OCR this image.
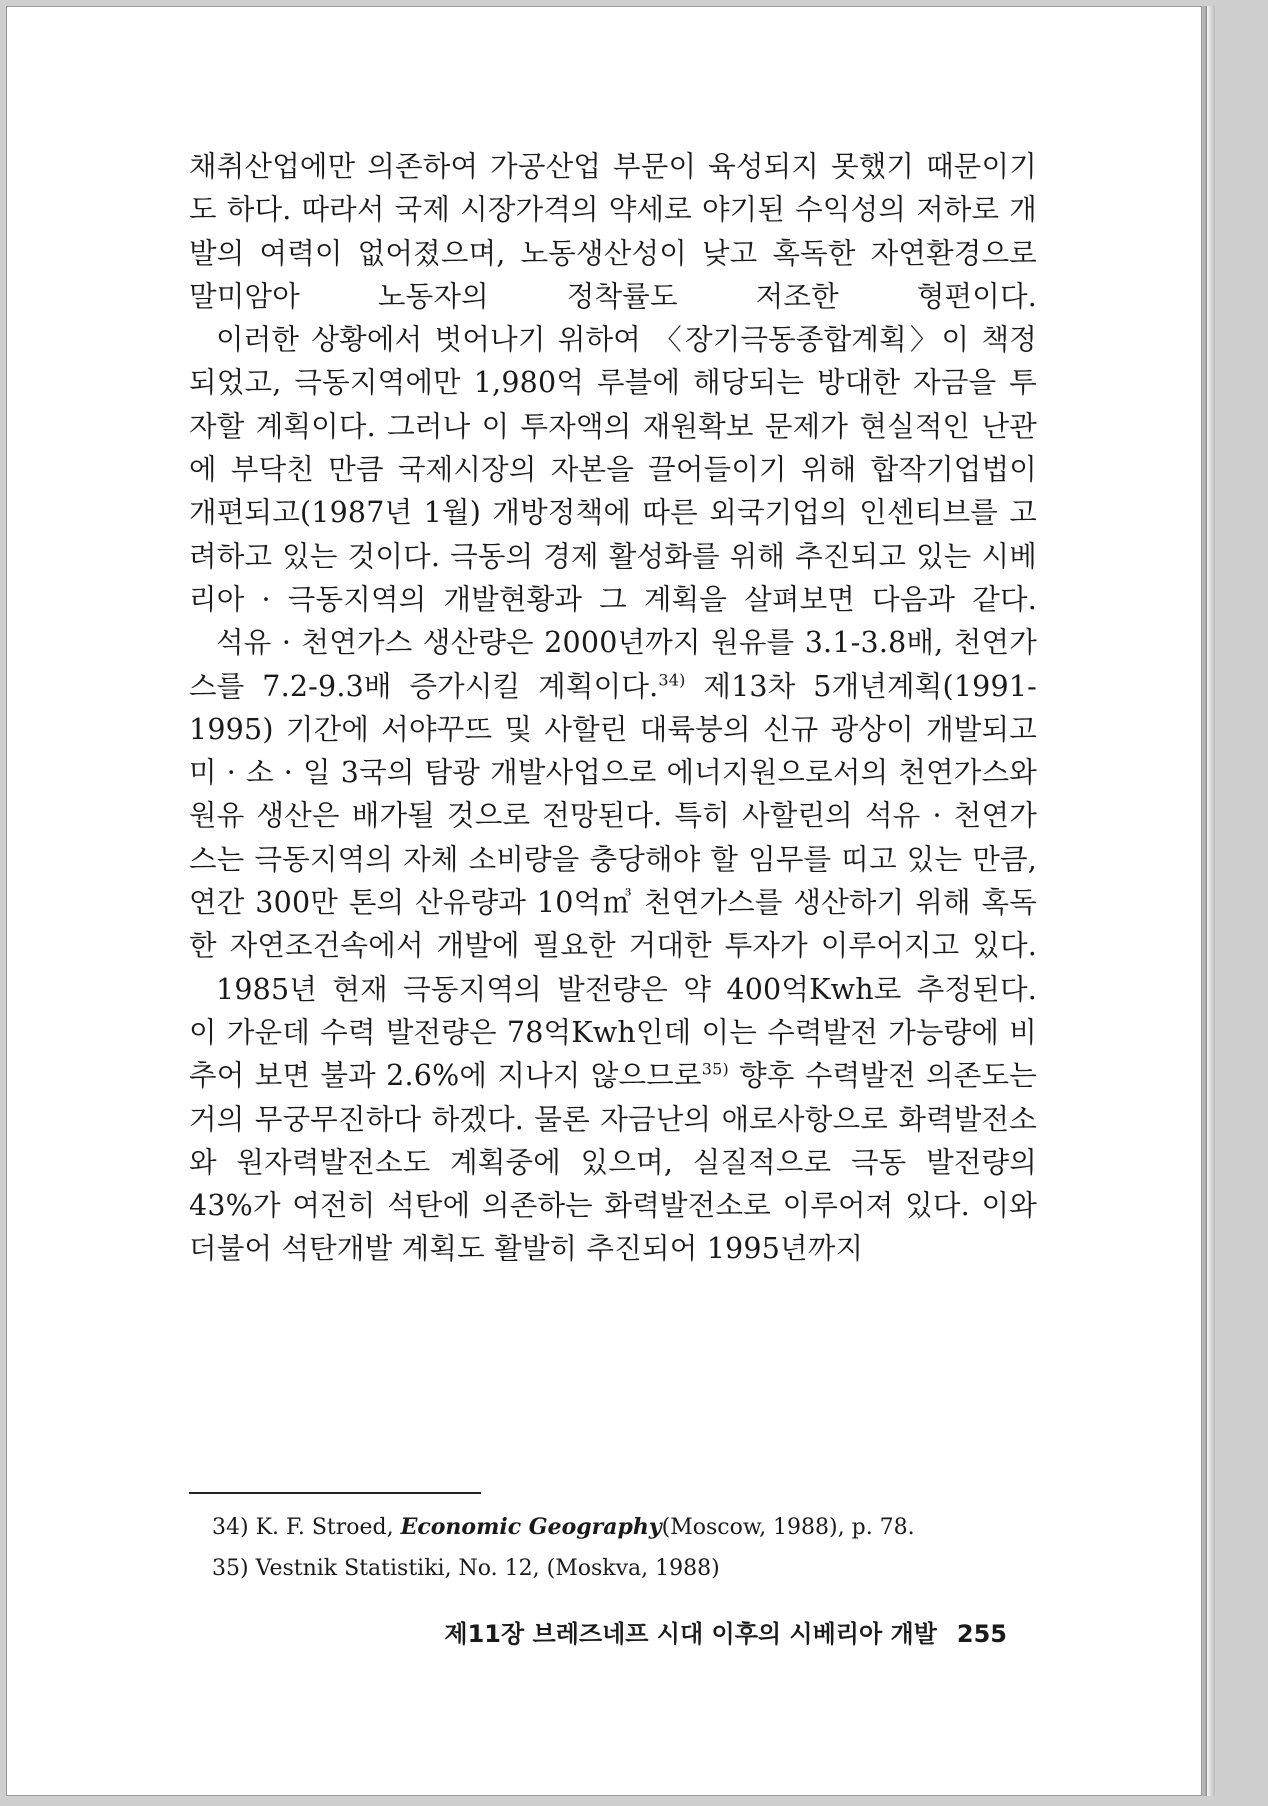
채취산업에만 의존하여 가공산업 부문이 육성되지 못했기 때문이기도 하다. 따라서 국제 시장가격의 약세로 야기된 수익성의 저하로 개발의 여력이 없어졌으며, 노동생산성이 낮고 혹독한 자연환경으로 말미암아 노동자의 정착률도 저조한 형편이다.

이러한 상황에서 벗어나기 위하여 〈장기극동종합계획〉이 책정되었고, 극동지역에만 1,980억 루블에 해당되는 방대한 자금을 투자할 계획이다. 그러나 이 투자액의 재원확보 문제가 현실적인 난관에 부닥친 만큼 국제시장의 자본을 끌어들이기 위해 합작기업법이 개편되고(1987년 1월) 개방정책에 따른 외국기업의 인센티브를 고려하고 있는 것이다. 극동의 경제 활성화를 위해 추진되고 있는 시베리아 · 극동지역의 개발현황과 그 계획을 살펴보면 다음과 같다.

석유 · 천연가스 생산량은 2000년까지 원유를 3.1-3.8배, 천연가스를 7.2-9.3배 증가시킬 계획이다.$^{34)}$ 제13차 5개년계획(1991-1995) 기간에 서야꾸뜨 및 사할린 대륙붕의 신규 광상이 개발되고 미 · 소 · 일 3국의 탐광 개발사업으로 에너지원으로서의 천연가스와 원유 생산은 배가될 것으로 전망된다. 특히 사할린의 석유 · 천연가스는 극동지역의 자체 소비량을 충당해야 할 임무를 띠고 있는 만큼, 연간 300만 톤의 산유량과 10억㎥ 천연가스를 생산하기 위해 혹독한 자연조건속에서 개발에 필요한 거대한 투자가 이루어지고 있다.

1985년 현재 극동지역의 발전량은 약 400억Kwh로 추정된다. 이 가운데 수력 발전량은 78억Kwh인데 이는 수력발전 가능량에 비추어 보면 불과 2.6%에 지나지 않으므로$^{35)}$ 향후 수력발전 의존도는 거의 무궁무진하다 하겠다. 물론 자금난의 애로사항으로 화력발전소와 원자력발전소도 계획중에 있으며, 실질적으로 극동 발전량의 43%가 여전히 석탄에 의존하는 화력발전소로 이루어져 있다. 이와 더불어 석탄개발 계획도 활발히 추진되어 1995년까지

34) K. F. Stroed, Economic Geography(Moscow, 1988), p. 78.

35) Vestnik Statistiki, No. 12, (Moskva, 1988)

제11장 브레즈네프 시대 이후의 시베리아 개발 255
